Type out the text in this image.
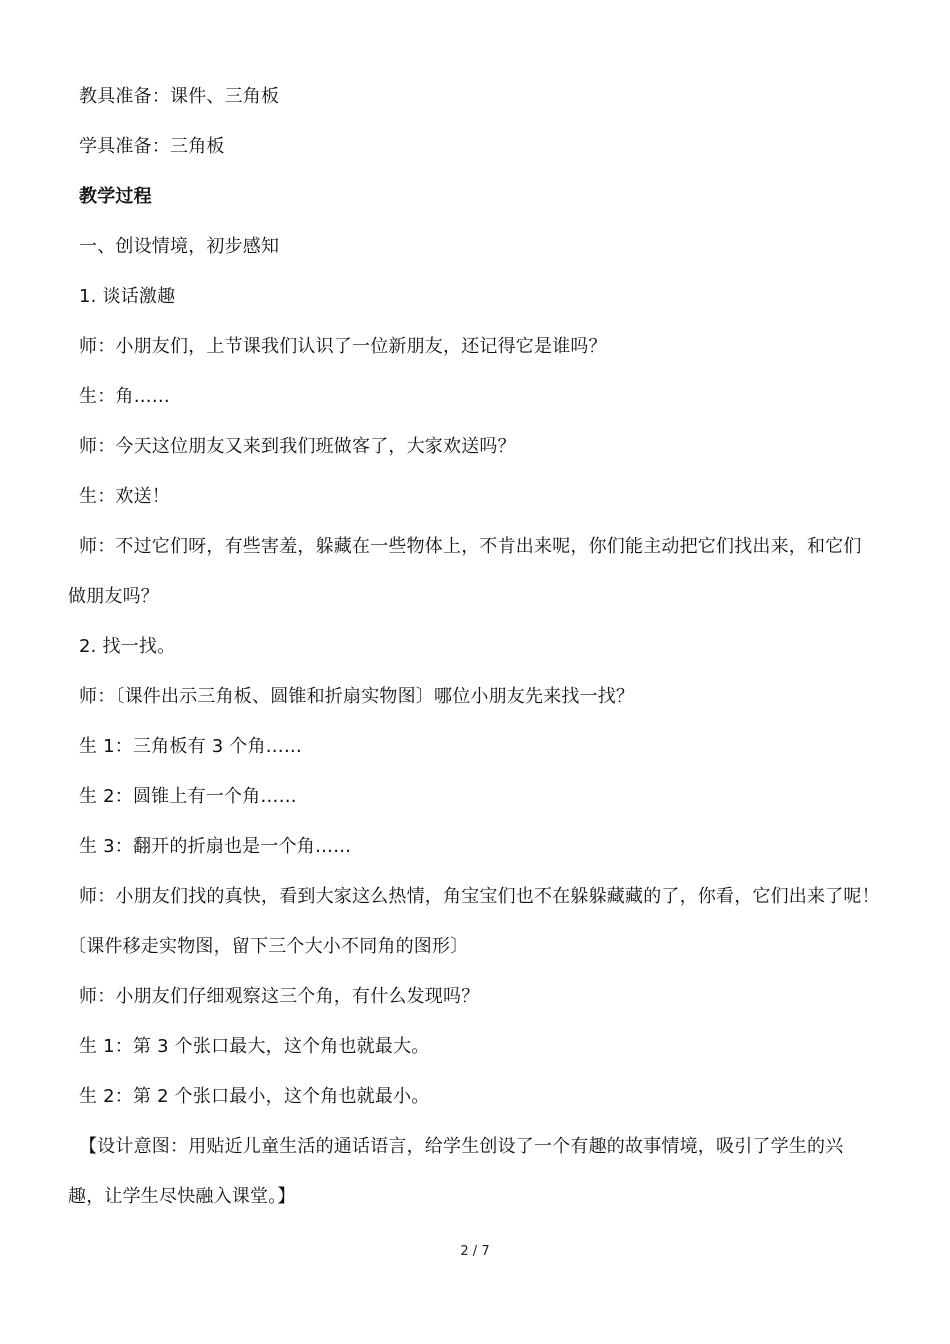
教具准备：课件、三角板
学具准备：三角板
教学过程
一、创设情境，初步感知
1. 谈话激趣
师：小朋友们，上节课我们认识了一位新朋友，还记得它是谁吗？
生：角……
师：今天这位朋友又来到我们班做客了，大家欢送吗？
生：欢送！
师：不过它们呀，有些害羞，躲藏在一些物体上，不肯出来呢，你们能主动把它们找出来，和它们
做朋友吗？
2. 找一找。
师：〔课件出示三角板、圆锥和折扇实物图〕哪位小朋友先来找一找？
生 1：三角板有 3 个角……
生 2：圆锥上有一个角……
生 3：翻开的折扇也是一个角……
师：小朋友们找的真快，看到大家这么热情，角宝宝们也不在躲躲藏藏的了，你看，它们出来了呢！
〔课件移走实物图，留下三个大小不同角的图形〕
师：小朋友们仔细观察这三个角，有什么发现吗？
生 1：第 3 个张口最大，这个角也就最大。
生 2：第 2 个张口最小，这个角也就最小。
【设计意图：用贴近儿童生活的通话语言，给学生创设了一个有趣的故事情境，吸引了学生的兴
趣，让学生尽快融入课堂。】
2 / 7
